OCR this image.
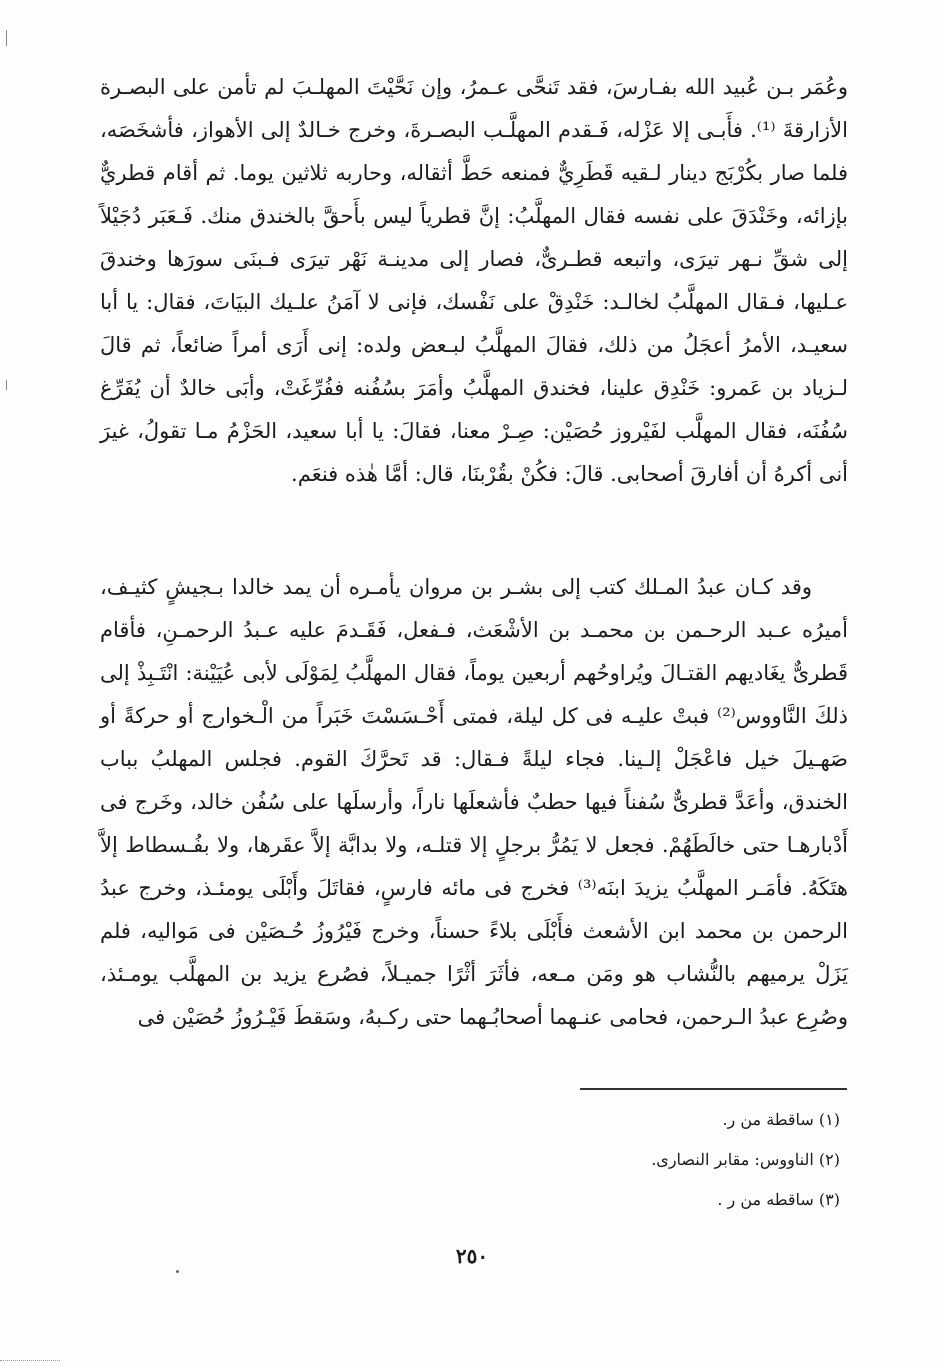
وعُمَر بـن عُبيد الله بفـارسَ، فقد تَنحَّى عـمرُ، وإن نَحَّيْتَ المهلـبَ لم تأمن على البصـرة الأزارقةَ ⁽¹⁾. فأَبـى إلا عَزْله، فَـقدم المهلَّـب البصـرةَ، وخرج خـالدٌ إلى الأهواز، فأشخَصَه، فلما صار بكُرْبَج دينار لـقيه قَطَرِيٌّ فمنعه حَطَّ أثقاله، وحاربه ثلاثين يوما. ثم أقام قطريٌّ بإزائه، وخَنْدَقَ على نفسه فقال المهلَّبُ: إنَّ قطرياً ليس بأَحقَّ بالخندق منك. فَـعَبَر دُجَيْلاً إلى شقِّ نـهر تيرَى، واتبعه قطـرىٌّ، فصار إلى مدينـة نَهْر تيرَى فـبنَى سورَها وخندقَ عـليها، فـقال المهلَّبُ لخالـد: خَنْدِقْ على نَفْسك، فإنى لا آمَنُ علـيك البيَاتَ، فقال: يا أبا سعيـد، الأمرُ أعجَلُ من ذلك، فقالَ المهلَّبُ لبـعض ولده: إنى أَرَى أمراً ضائعاً، ثم قالَ لـزياد بن عَمرو: خَنْدِق علينا، فخندق المهلَّبُ وأمَرَ بسُفُنه ففُرِّغَتْ، وأبَى خالدٌ أن يُفَرِّغ سُفُنَه، فقال المهلَّب لفَيْروز حُصَيْن: صِـرْ معنا، فقالَ: يا أبا سعيد، الحَزْمُ مـا تقولُ، غيرَ أنى أكرهُ أن أفارقَ أصحابى. قالَ: فكُنْ بقُرْبنَا، قال: أمَّا هٰذه فنعَم.

وقد كـان عبدُ المـلك كتب إلى بشـر بن مروان يأمـره أن يمد خالدا بـجيشٍ كثيـف، أميرُه عـبد الرحـمن بن محمـد بن الأشْعَث، فـفعل، فَقَـدمَ عليه عـبدُ الرحمـنِ، فأقام قَطرىٌّ يغَاديهم القتـالَ ويُراوحُهم أربعين يوماً، فقال المهلَّبُ لِمَوْلَى لأبى عُيَيْنة: انْتَـبِذْ إلى ذلكَ النَّاووس⁽²⁾ فبتْ عليـه فى كل ليلة، فمتى أَحْـسَسْتَ خَبَراً من الْـخوارج أو حركةً أو صَهـيلَ خيل فاعْجَلْ إلـينا. فجاء ليلةً فـقال: قد تَحرَّكَ القوم. فجلس المهلبُ بباب الخندق، وأعَدَّ قطرىٌّ سُفناً فيها حطبٌ فأشعلَها ناراً، وأرسلَها على سُفُن خالد، وخَرج فى أَدْبارهـا حتى خالَطَهُمْ. فجعل لا يَمُرُّ برجلٍ إلا قتلـه، ولا بدابَّة إلاَّ عقَرها، ولا بفُـسطاط إلاَّ هتَكَهُ. فأمَـر المهلَّبُ يزيدَ ابنَه⁽³⁾ فخرج فى مائه فارسٍ، فقاتَلَ وأَبْلَى يومئـذ، وخرج عبدُ الرحمن بن محمد ابن الأشعث فأَبْلَى بلاءً حسناً، وخرج فَيْرُوزُ حُـصَيْن فى مَواليه، فلم يَزَلْ يرميهم بالنُّشاب هو ومَن مـعه، فأثَرَ أثْرًا جميـلاً، فصُرع يزيد بن المهلَّب يومـئذ، وصُرِع عبدُ الـرحمن، فحامى عنـهما أصحابُـهما حتى ركـبهُ، وسَقطَ فَيْـرُوزُ حُصَيْن فى

(١) ساقطة من ر.
(٢) الناووس: مقابر النصارى.
(٣) ساقطه من ر .
٢٥٠
